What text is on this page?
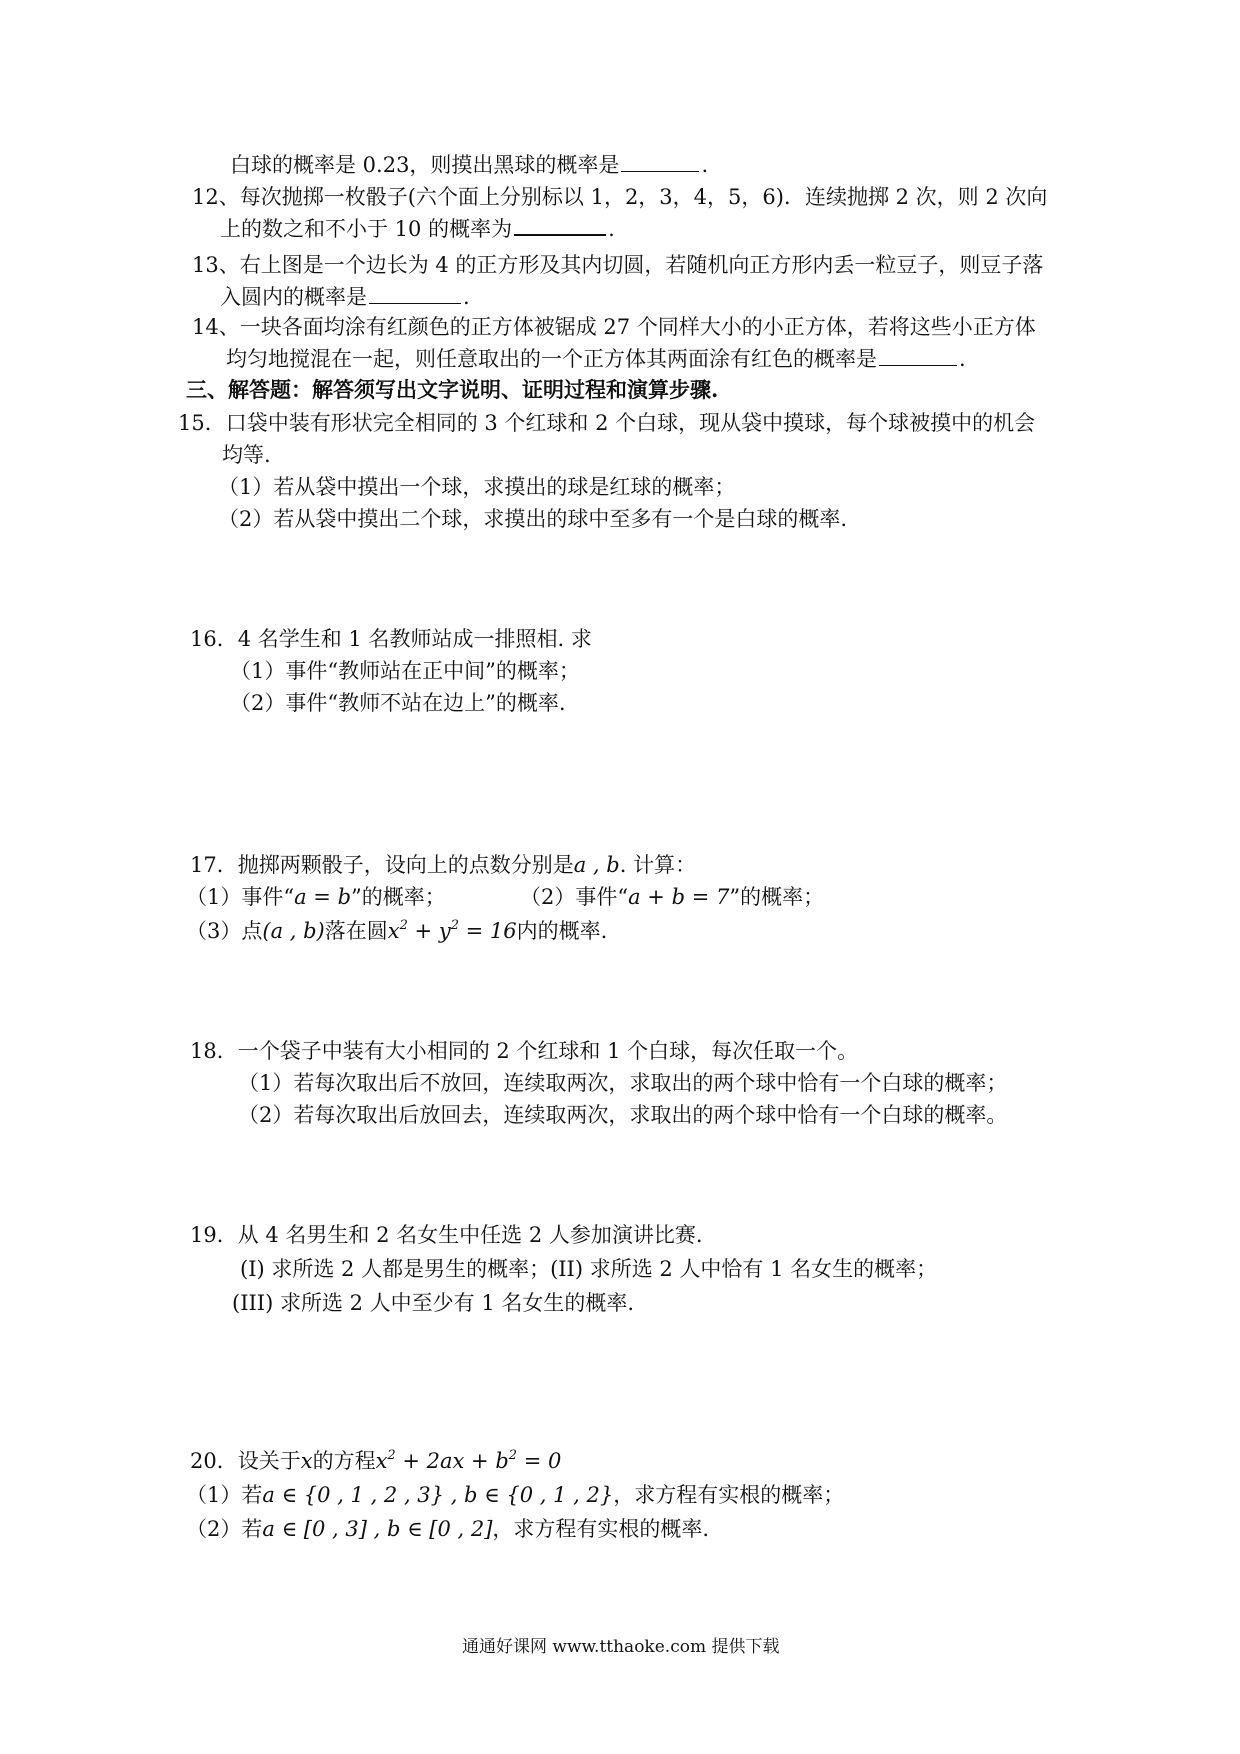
白球的概率是 0.23，则摸出黑球的概率是	.
12、每次抛掷一枚骰子(六个面上分别标以 1，2，3，4，5，6)．连续抛掷 2 次，则 2 次向
上的数之和不小于 10 的概率为	.
13、右上图是一个边长为 4 的正方形及其内切圆，若随机向正方形内丢一粒豆子，则豆子落
入圆内的概率是	.
14、一块各面均涂有红颜色的正方体被锯成 27 个同样大小的小正方体，若将这些小正方体
均匀地搅混在一起，则任意取出的一个正方体其两面涂有红色的概率是	.
三、解答题：解答须写出文字说明、证明过程和演算步骤.
15．口袋中装有形状完全相同的 3 个红球和 2 个白球，现从袋中摸球，每个球被摸中的机会
均等.
（1）若从袋中摸出一个球，求摸出的球是红球的概率；
（2）若从袋中摸出二个球，求摸出的球中至多有一个是白球的概率.
16．4 名学生和 1 名教师站成一排照相. 求
（1）事件“教师站在正中间”的概率；
（2）事件“教师不站在边上”的概率.
17．抛掷两颗骰子，设向上的点数分别是a , b. 计算：
（1）事件“a = b”的概率；	（2）事件“a + b = 7”的概率；
（3）点(a , b)落在圆$x^2 + y^2 = 16$内的概率.
18．一个袋子中装有大小相同的 2 个红球和 1 个白球，每次任取一个。
（1）若每次取出后不放回，连续取两次，求取出的两个球中恰有一个白球的概率；
（2）若每次取出后放回去，连续取两次，求取出的两个球中恰有一个白球的概率。
19．从 4 名男生和 2 名女生中任选 2 人参加演讲比赛.
(I) 求所选 2 人都是男生的概率；(II) 求所选 2 人中恰有 1 名女生的概率；
(III) 求所选 2 人中至少有 1 名女生的概率.
20．设关于x的方程$x^2 + 2ax + b^2 = 0$
（1）若a ∈ {0 , 1 , 2 , 3} , b ∈ {0 , 1 , 2}，求方程有实根的概率；
（2）若a ∈ [0 , 3] , b ∈ [0 , 2]，求方程有实根的概率.
通通好课网 www.tthaoke.com 提供下载
